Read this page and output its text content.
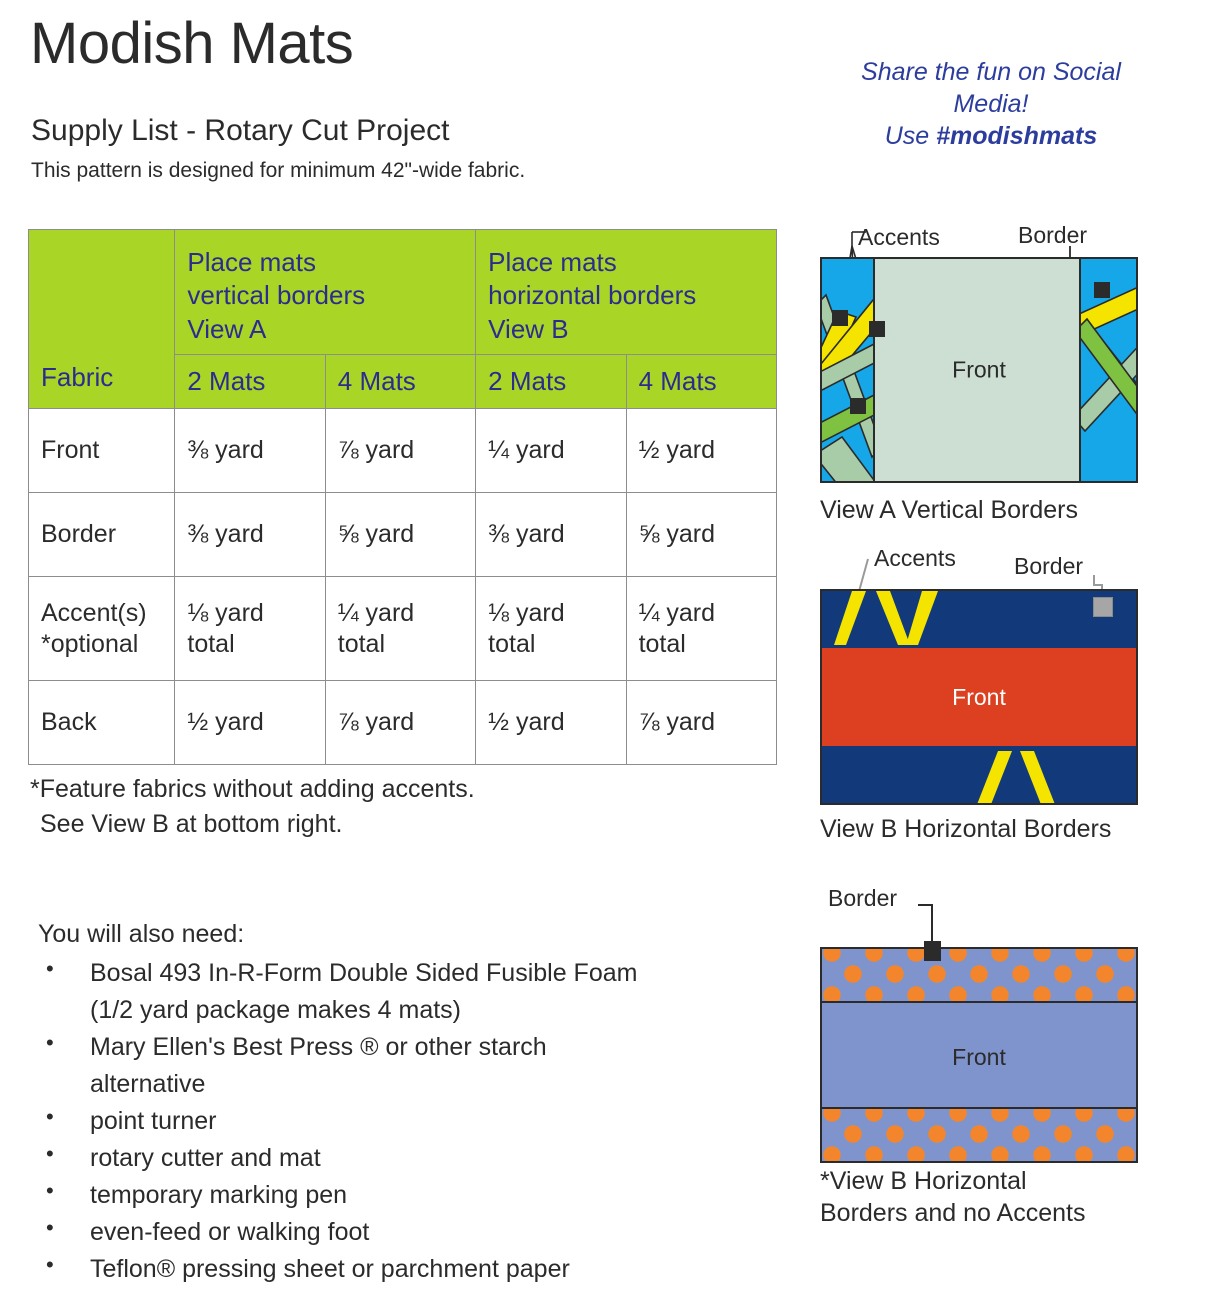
Modish Mats
Supply List - Rotary Cut Project
This pattern is designed for minimum 42"-wide fabric.
Share the fun on Social
Media!
Use #modishmats
Fabric	
Place mats
vertical borders
View A

Place mats
horizontal borders
View B

	2 Mats	4 Mats	2 Mats	4 Mats
Front	⅜ yard	⅞ yard	¼ yard	½ yard
Border	⅜ yard	⅝ yard	⅜ yard	⅝ yard

Accent(s)
*optional	⅛ yard total	¼ yard total	⅛ yard total	¼ yard total
Back	½ yard	⅞ yard	½ yard	⅞ yard
*Feature fabrics without adding accents.
See View B at bottom right.
You will also need:
• Bosal 493 In-R-Form Double Sided Fusible Foam (1/2 yard package makes 4 mats)
• Mary Ellen's Best Press ® or other starch alternative
• point turner
• rotary cutter and mat
• temporary marking pen
• even-feed or walking foot
• Teflon® pressing sheet or parchment paper
Accents	Border
Front
View A Vertical Borders
Accents	Border
Front
View B Horizontal Borders
Border
Front
*View B Horizontal
Borders and no Accents
